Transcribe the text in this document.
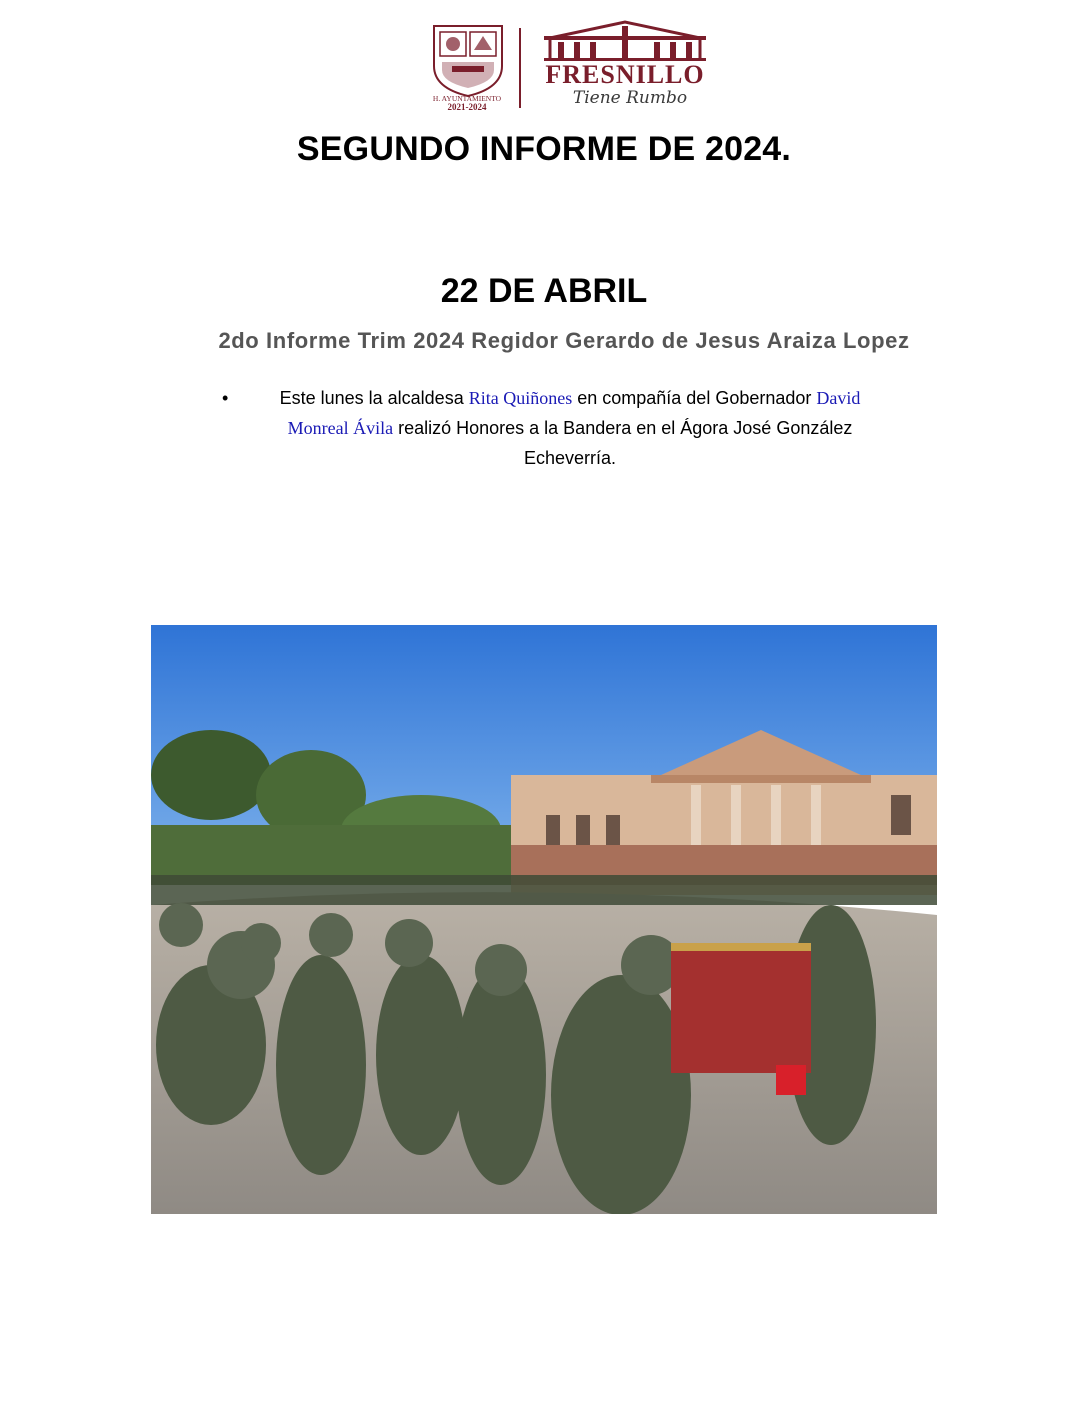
H. AYUNTAMIENTO
2021-2024
FRESNILLO
Tiene Rumbo
SEGUNDO INFORME DE 2024.
22 DE ABRIL
2do Informe Trim 2024 Regidor Gerardo de Jesus Araiza Lopez
•	Este lunes la alcaldesa Rita Quiñones en compañía del Gobernador David
Monreal Ávila realizó Honores a la Bandera en el Ágora José González
Echeverría.
